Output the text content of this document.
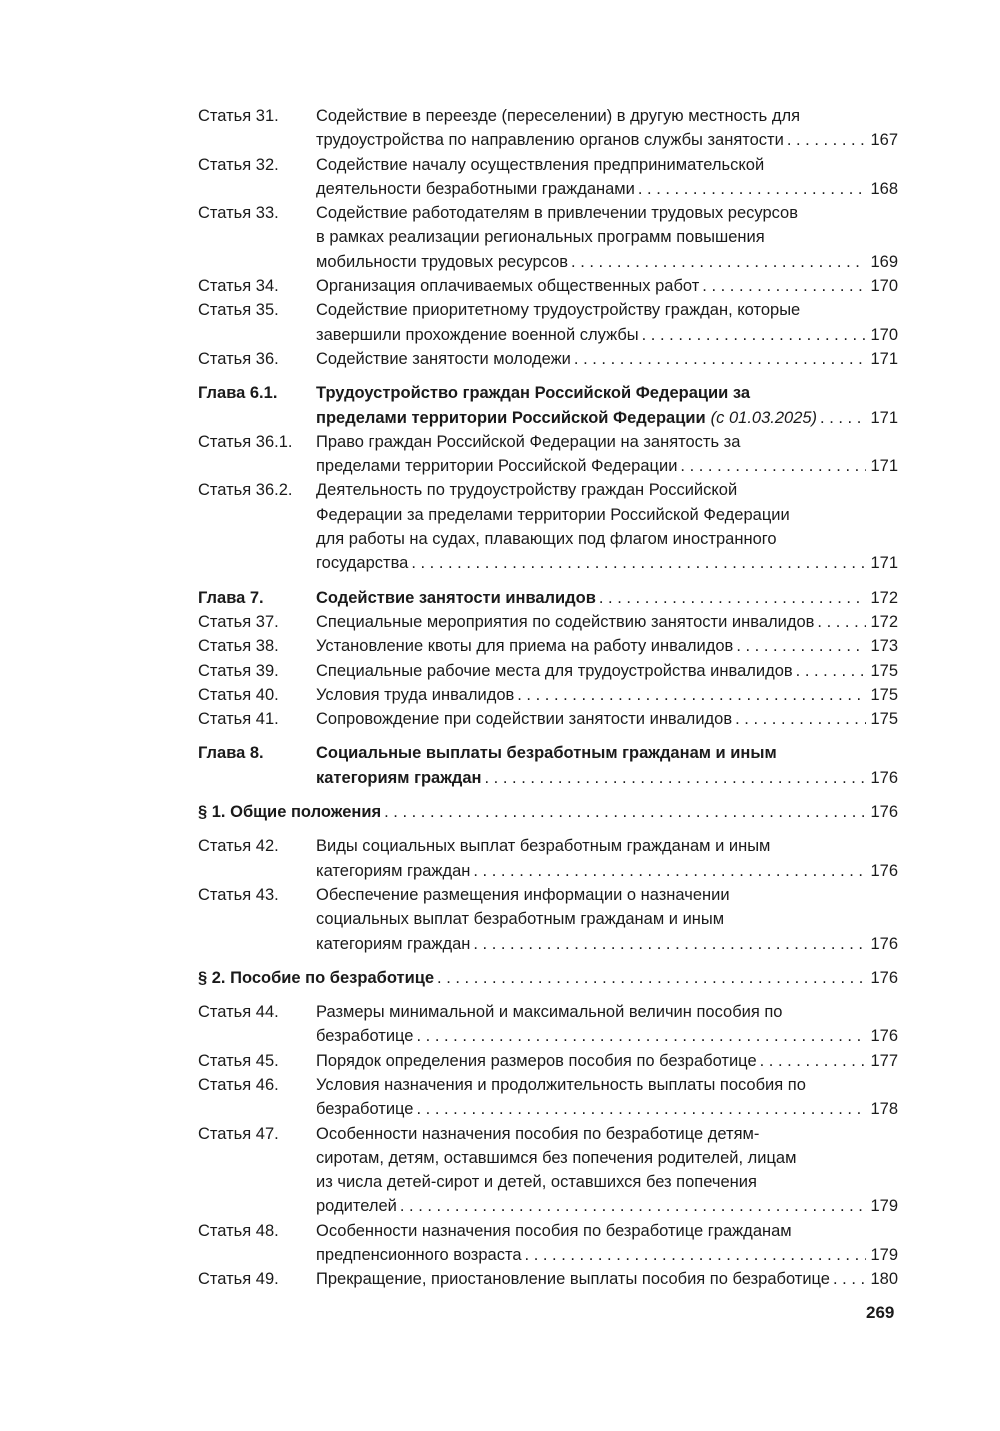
Статья 31.	Содействие в переезде (переселении) в другую местность для
трудоустройства по направлению органов службы занятости . . .	167
Статья 32.	Содействие началу осуществления предпринимательской
деятельности безработными гражданами . . .	168
Статья 33.	Содействие работодателям в привлечении трудовых ресурсов
в рамках реализации региональных программ повышения
мобильности трудовых ресурсов . . .	169
Статья 34.	Организация оплачиваемых общественных работ . . .	170
Статья 35.	Содействие приоритетному трудоустройству граждан, которые
завершили прохождение военной службы . . .	170
Статья 36.	Содействие занятости молодежи . . .	171
Глава 6.1.	Трудоустройство граждан Российской Федерации за
пределами территории Российской Федерации (с 01.03.2025) . . .	171
Статья 36.1.	Право граждан Российской Федерации на занятость за
пределами территории Российской Федерации . . .	171
Статья 36.2.	Деятельность по трудоустройству граждан Российской
Федерации за пределами территории Российской Федерации
для работы на судах, плавающих под флагом иностранного
государства . . .	171
Глава 7.	Содействие занятости инвалидов . . .	172
Статья 37.	Специальные мероприятия по содействию занятости инвалидов . . .	172
Статья 38.	Установление квоты для приема на работу инвалидов . . .	173
Статья 39.	Специальные рабочие места для трудоустройства инвалидов . . .	175
Статья 40.	Условия труда инвалидов . . .	175
Статья 41.	Сопровождение при содействии занятости инвалидов . . .	175
Глава 8.	Социальные выплаты безработным гражданам и иным
категориям граждан . . .	176
§ 1. Общие положения . . .	176
Статья 42.	Виды социальных выплат безработным гражданам и иным
категориям граждан . . .	176
Статья 43.	Обеспечение размещения информации о назначении
социальных выплат безработным гражданам и иным
категориям граждан . . .	176
§ 2. Пособие по безработице . . .	176
Статья 44.	Размеры минимальной и максимальной величин пособия по
безработице . . .	176
Статья 45.	Порядок определения размеров пособия по безработице . . .	177
Статья 46.	Условия назначения и продолжительность выплаты пособия по
безработице . . .	178
Статья 47.	Особенности назначения пособия по безработице детям-
сиротам, детям, оставшимся без попечения родителей, лицам
из числа детей-сирот и детей, оставшихся без попечения
родителей . . .	179
Статья 48.	Особенности назначения пособия по безработице гражданам
предпенсионного возраста . . .	179
Статья 49.	Прекращение, приостановление выплаты пособия по безработице . . . 180
269
